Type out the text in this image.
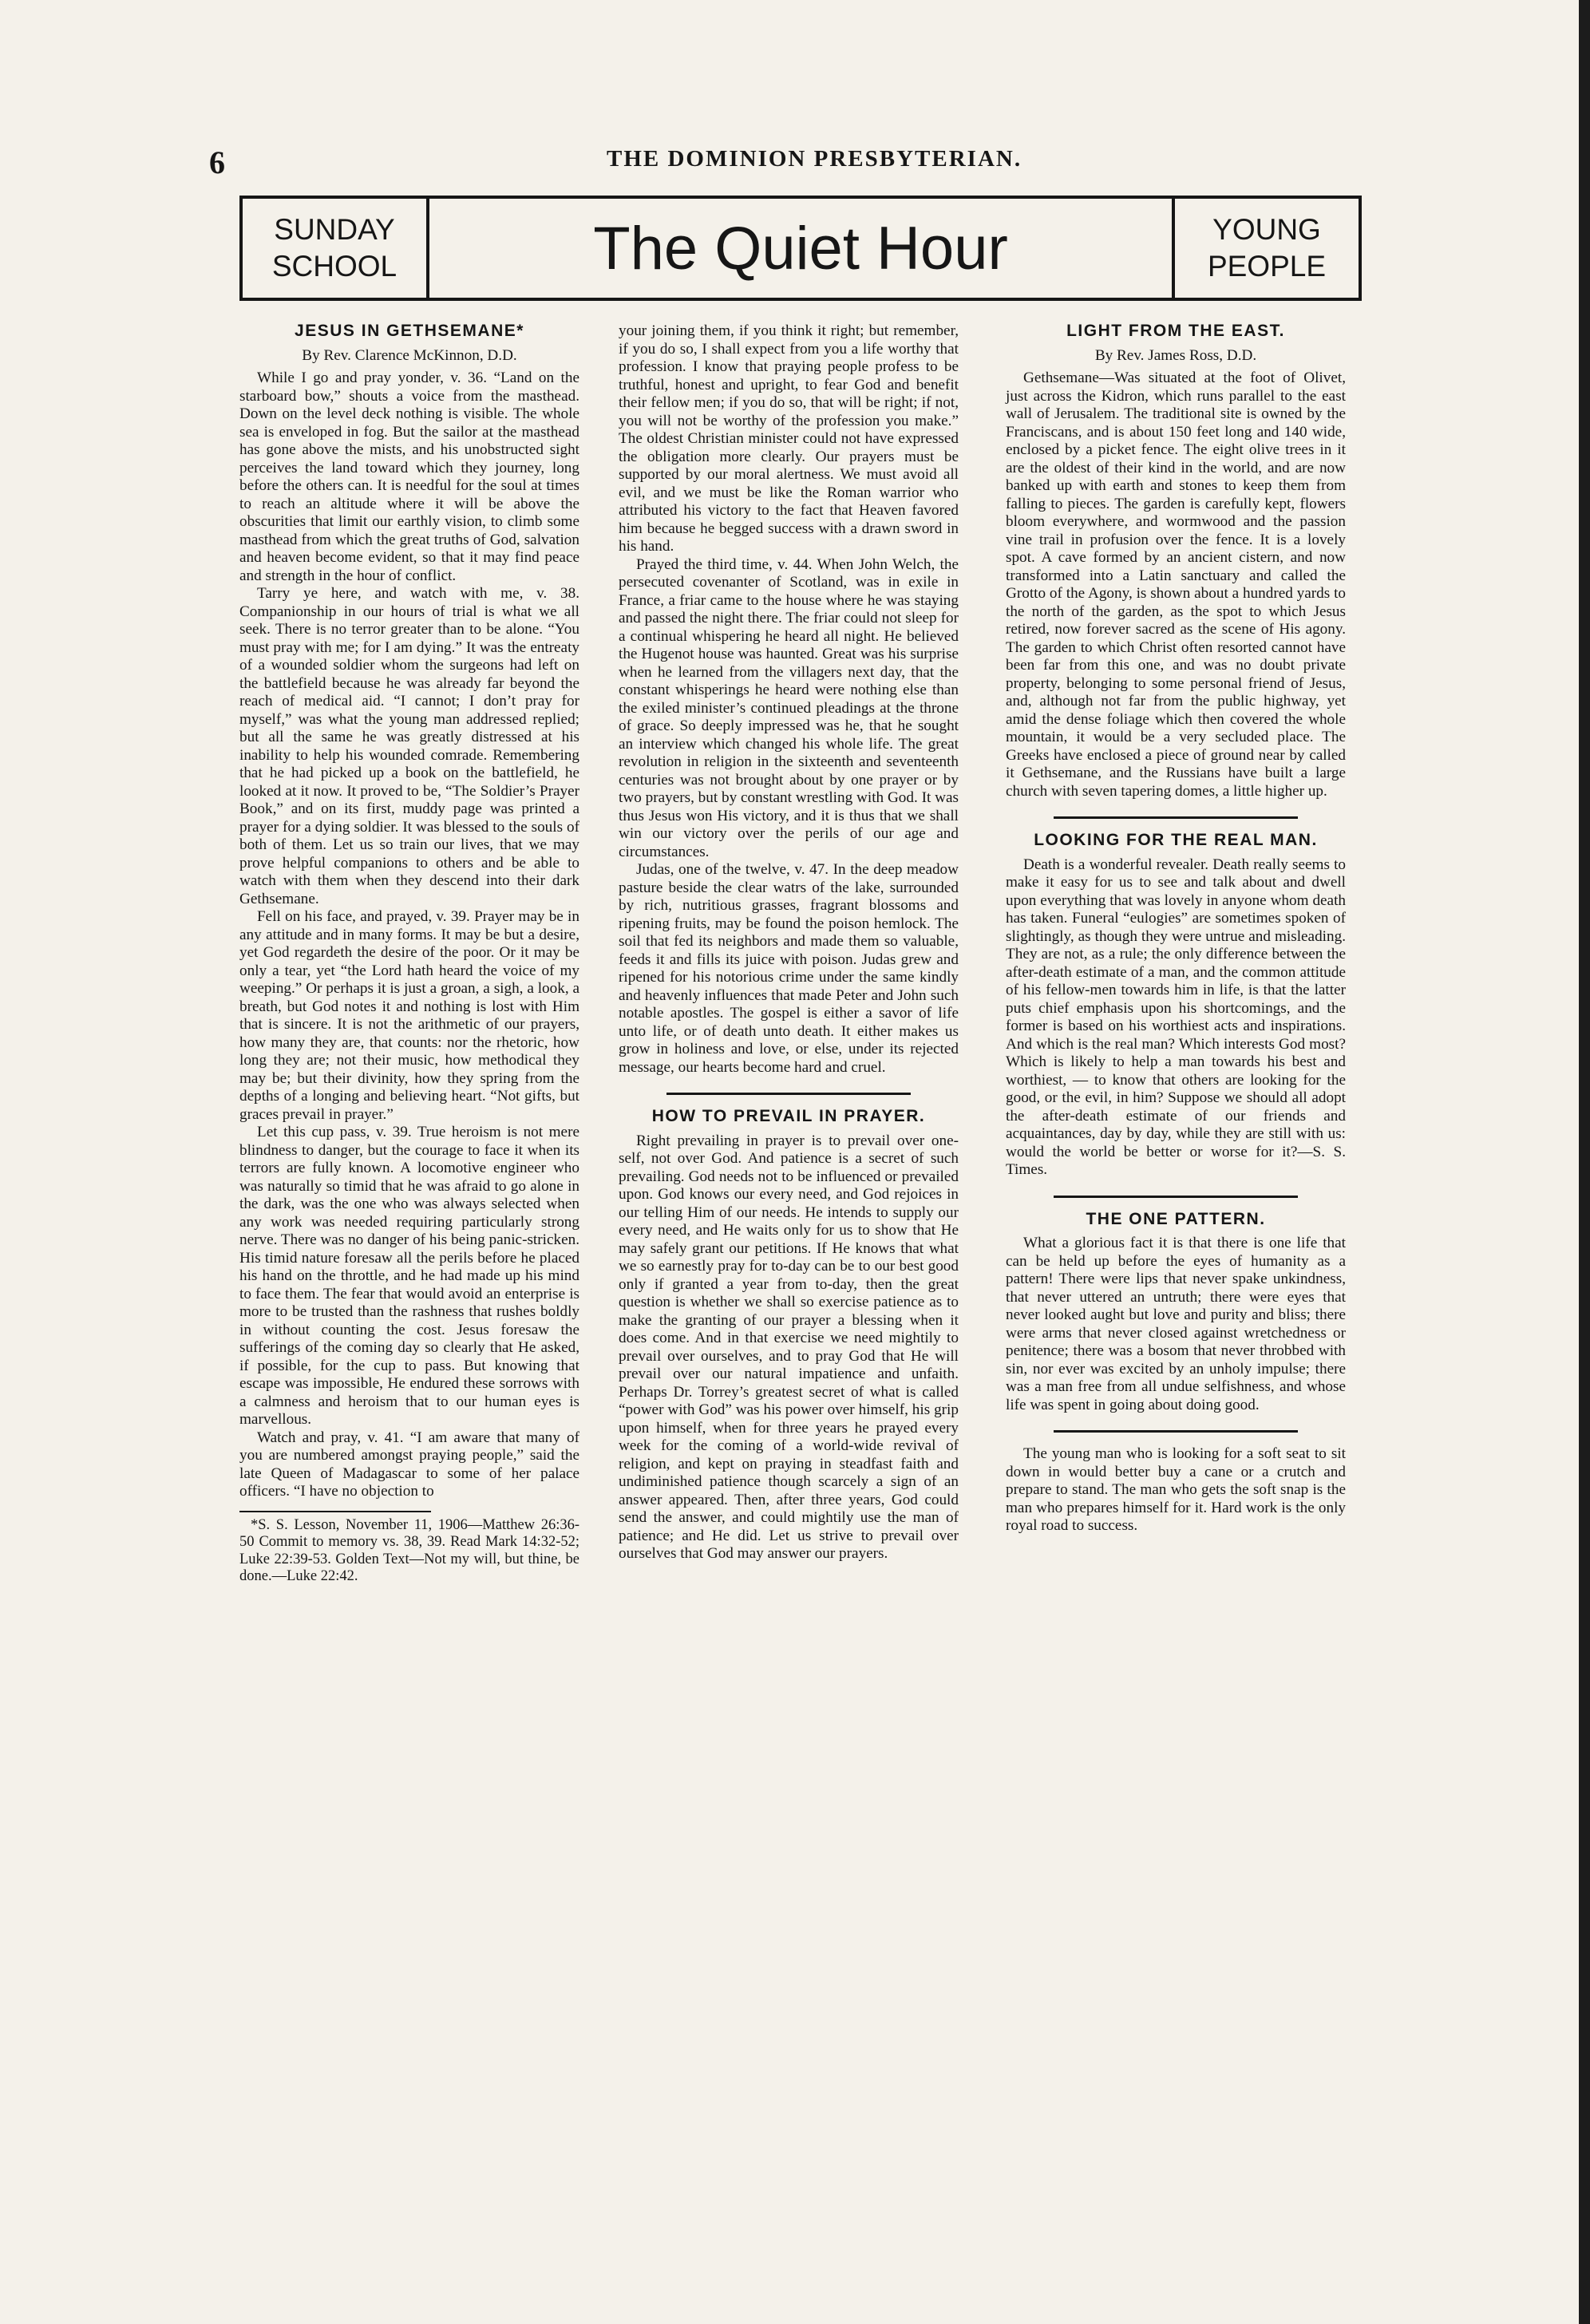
6	THE DOMINION PRESBYTERIAN.
SUNDAY
SCHOOL	The Quiet Hour	YOUNG
PEOPLE
JESUS IN GETHSEMANE*

By Rev. Clarence McKinnon, D.D.

While I go and pray yonder, v. 36. “Land on the starboard bow,” shouts a voice from the masthead. Down on the level deck nothing is visible. The whole sea is enveloped in fog. But the sailor at the masthead has gone above the mists, and his unobstructed sight perceives the land toward which they journey, long before the others can. It is needful for the soul at times to reach an altitude where it will be above the obscurities that limit our earthly vision, to climb some masthead from which the great truths of God, salvation and heaven become evident, so that it may find peace and strength in the hour of conflict.

Tarry ye here, and watch with me, v. 38. Companionship in our hours of trial is what we all seek. There is no terror greater than to be alone. “You must pray with me; for I am dying.” It was the entreaty of a wounded soldier whom the surgeons had left on the battlefield because he was already far beyond the reach of medical aid. “I cannot; I don’t pray for myself,” was what the young man addressed replied; but all the same he was greatly distressed at his inability to help his wounded comrade. Remembering that he had picked up a book on the battlefield, he looked at it now. It proved to be, “The Soldier’s Prayer Book,” and on its first, muddy page was printed a prayer for a dying soldier. It was blessed to the souls of both of them. Let us so train our lives, that we may prove helpful companions to others and be able to watch with them when they descend into their dark Gethsemane.

Fell on his face, and prayed, v. 39. Prayer may be in any attitude and in many forms. It may be but a desire, yet God regardeth the desire of the poor. Or it may be only a tear, yet “the Lord hath heard the voice of my weeping.” Or perhaps it is just a groan, a sigh, a look, a breath, but God notes it and nothing is lost with Him that is sincere. It is not the arithmetic of our prayers, how many they are, that counts: nor the rhetoric, how long they are; not their music, how methodical they may be; but their divinity, how they spring from the depths of a longing and believing heart. “Not gifts, but graces prevail in prayer.”

Let this cup pass, v. 39. True heroism is not mere blindness to danger, but the courage to face it when its terrors are fully known. A locomotive engineer who was naturally so timid that he was afraid to go alone in the dark, was the one who was always selected when any work was needed requiring particularly strong nerve. There was no danger of his being panic-stricken. His timid nature foresaw all the perils before he placed his hand on the throttle, and he had made up his mind to face them. The fear that would avoid an enterprise is more to be trusted than the rashness that rushes boldly in without counting the cost. Jesus foresaw the sufferings of the coming day so clearly that He asked, if possible, for the cup to pass. But knowing that escape was impossible, He endured these sorrows with a calmness and heroism that to our human eyes is marvellous.

Watch and pray, v. 41. “I am aware that many of you are numbered amongst praying people,” said the late Queen of Madagascar to some of her palace officers. “I have no objection to

*S. S. Lesson, November 11, 1906—Matthew 26:36-50 Commit to memory vs. 38, 39. Read Mark 14:32-52; Luke 22:39-53. Golden Text—Not my will, but thine, be done.—Luke 22:42.

your joining them, if you think it right; but remember, if you do so, I shall expect from you a life worthy that profession. I know that praying people profess to be truthful, honest and upright, to fear God and benefit their fellow men; if you do so, that will be right; if not, you will not be worthy of the profession you make.” The oldest Christian minister could not have expressed the obligation more clearly. Our prayers must be supported by our moral alertness. We must avoid all evil, and we must be like the Roman warrior who attributed his victory to the fact that Heaven favored him because he begged success with a drawn sword in his hand.

Prayed the third time, v. 44. When John Welch, the persecuted covenanter of Scotland, was in exile in France, a friar came to the house where he was staying and passed the night there. The friar could not sleep for a continual whispering he heard all night. He believed the Hugenot house was haunted. Great was his surprise when he learned from the villagers next day, that the constant whisperings he heard were nothing else than the exiled minister’s continued pleadings at the throne of grace. So deeply impressed was he, that he sought an interview which changed his whole life. The great revolution in religion in the sixteenth and seventeenth centuries was not brought about by one prayer or by two prayers, but by constant wrestling with God. It was thus Jesus won His victory, and it is thus that we shall win our victory over the perils of our age and circumstances.

Judas, one of the twelve, v. 47. In the deep meadow pasture beside the clear watrs of the lake, surrounded by rich, nutritious grasses, fragrant blossoms and ripening fruits, may be found the poison hemlock. The soil that fed its neighbors and made them so valuable, feeds it and fills its juice with poison. Judas grew and ripened for his notorious crime under the same kindly and heavenly influences that made Peter and John such notable apostles. The gospel is either a savor of life unto life, or of death unto death. It either makes us grow in holiness and love, or else, under its rejected message, our hearts become hard and cruel.

HOW TO PREVAIL IN PRAYER.

Right prevailing in prayer is to prevail over one-self, not over God. And patience is a secret of such prevailing. God needs not to be influenced or prevailed upon. God knows our every need, and God rejoices in our telling Him of our needs. He intends to supply our every need, and He waits only for us to show that He may safely grant our petitions. If He knows that what we so earnestly pray for to-day can be to our best good only if granted a year from to-day, then the great question is whether we shall so exercise patience as to make the granting of our prayer a blessing when it does come. And in that exercise we need mightily to prevail over ourselves, and to pray God that He will prevail over our natural impatience and unfaith. Perhaps Dr. Torrey’s greatest secret of what is called “power with God” was his power over himself, his grip upon himself, when for three years he prayed every week for the coming of a world-wide revival of religion, and kept on praying in steadfast faith and undiminished patience though scarcely a sign of an answer appeared. Then, after three years, God could send the answer, and could mightily use the man of patience; and He did. Let us strive to prevail over ourselves that God may answer our prayers.

LIGHT FROM THE EAST.

By Rev. James Ross, D.D.

Gethsemane—Was situated at the foot of Olivet, just across the Kidron, which runs parallel to the east wall of Jerusalem. The traditional site is owned by the Franciscans, and is about 150 feet long and 140 wide, enclosed by a picket fence. The eight olive trees in it are the oldest of their kind in the world, and are now banked up with earth and stones to keep them from falling to pieces. The garden is carefully kept, flowers bloom everywhere, and wormwood and the passion vine trail in profusion over the fence. It is a lovely spot. A cave formed by an ancient cistern, and now transformed into a Latin sanctuary and called the Grotto of the Agony, is shown about a hundred yards to the north of the garden, as the spot to which Jesus retired, now forever sacred as the scene of His agony. The garden to which Christ often resorted cannot have been far from this one, and was no doubt private property, belonging to some personal friend of Jesus, and, although not far from the public highway, yet amid the dense foliage which then covered the whole mountain, it would be a very secluded place. The Greeks have enclosed a piece of ground near by called it Gethsemane, and the Russians have built a large church with seven tapering domes, a little higher up.

LOOKING FOR THE REAL MAN.

Death is a wonderful revealer. Death really seems to make it easy for us to see and talk about and dwell upon everything that was lovely in anyone whom death has taken. Funeral “eulogies” are sometimes spoken of slightingly, as though they were untrue and misleading. They are not, as a rule; the only difference between the after-death estimate of a man, and the common attitude of his fellow-men towards him in life, is that the latter puts chief emphasis upon his shortcomings, and the former is based on his worthiest acts and inspirations. And which is the real man? Which interests God most? Which is likely to help a man towards his best and worthiest, — to know that others are looking for the good, or the evil, in him? Suppose we should all adopt the after-death estimate of our friends and acquaintances, day by day, while they are still with us: would the world be better or worse for it?—S. S. Times.

THE ONE PATTERN.

What a glorious fact it is that there is one life that can be held up before the eyes of humanity as a pattern! There were lips that never spake unkindness, that never uttered an untruth; there were eyes that never looked aught but love and purity and bliss; there were arms that never closed against wretchedness or penitence; there was a bosom that never throbbed with sin, nor ever was excited by an unholy impulse; there was a man free from all undue selfishness, and whose life was spent in going about doing good.

The young man who is looking for a soft seat to sit down in would better buy a cane or a crutch and prepare to stand. The man who gets the soft snap is the man who prepares himself for it. Hard work is the only royal road to success.
